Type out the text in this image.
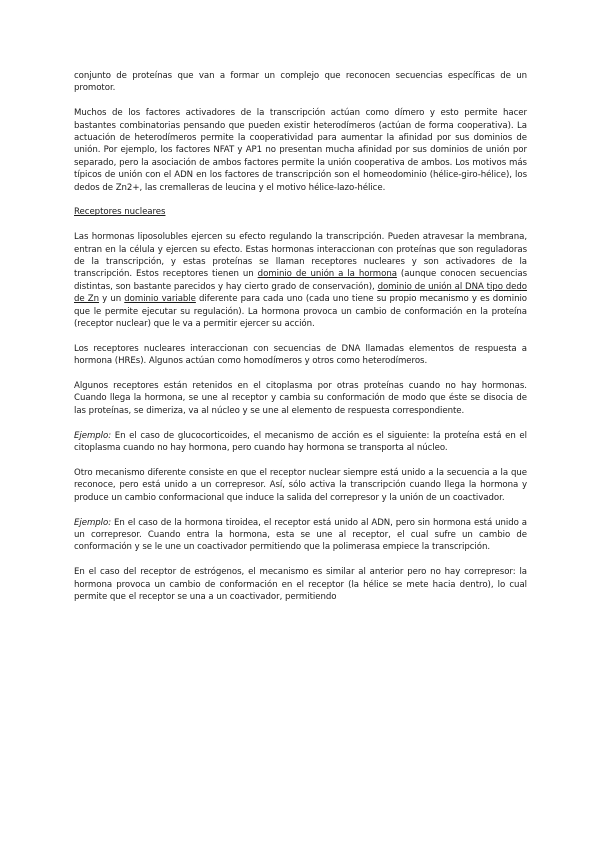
conjunto de proteínas que van a formar un complejo que reconocen secuencias específicas de un promotor.

Muchos de los factores activadores de la transcripción actúan como dímero y esto permite hacer bastantes combinatorias pensando que pueden existir heterodímeros (actúan de forma cooperativa). La actuación de heterodímeros permite la cooperatividad para aumentar la afinidad por sus dominios de unión. Por ejemplo, los factores NFAT y AP1 no presentan mucha afinidad por sus dominios de unión por separado, pero la asociación de ambos factores permite la unión cooperativa de ambos. Los motivos más típicos de unión con el ADN en los factores de transcripción son el homeodominio (hélice-giro-hélice), los dedos de Zn2+, las cremalleras de leucina y el motivo hélice-lazo-hélice.

Receptores nucleares

Las hormonas liposolubles ejercen su efecto regulando la transcripción. Pueden atravesar la membrana, entran en la célula y ejercen su efecto. Estas hormonas interaccionan con proteínas que son reguladoras de la transcripción, y estas proteínas se llaman receptores nucleares y son activadores de la transcripción. Estos receptores tienen un dominio de unión a la hormona (aunque conocen secuencias distintas, son bastante parecidos y hay cierto grado de conservación), dominio de unión al DNA tipo dedo de Zn y un dominio variable diferente para cada uno (cada uno tiene su propio mecanismo y es dominio que le permite ejecutar su regulación). La hormona provoca un cambio de conformación en la proteína (receptor nuclear) que le va a permitir ejercer su acción.

Los receptores nucleares interaccionan con secuencias de DNA llamadas elementos de respuesta a hormona (HREs). Algunos actúan como homodímeros y otros como heterodímeros.

Algunos receptores están retenidos en el citoplasma por otras proteínas cuando no hay hormonas. Cuando llega la hormona, se une al receptor y cambia su conformación de modo que éste se disocia de las proteínas, se dimeriza, va al núcleo y se une al elemento de respuesta correspondiente.

Ejemplo: En el caso de glucocorticoides, el mecanismo de acción es el siguiente: la proteína está en el citoplasma cuando no hay hormona, pero cuando hay hormona se transporta al núcleo.

Otro mecanismo diferente consiste en que el receptor nuclear siempre está unido a la secuencia a la que reconoce, pero está unido a un correpresor. Así, sólo activa la transcripción cuando llega la hormona y produce un cambio conformacional que induce la salida del correpresor y la unión de un coactivador.

Ejemplo: En el caso de la hormona tiroidea, el receptor está unido al ADN, pero sin hormona está unido a un correpresor. Cuando entra la hormona, esta se une al receptor, el cual sufre un cambio de conformación y se le une un coactivador permitiendo que la polimerasa empiece la transcripción.

En el caso del receptor de estrógenos, el mecanismo es similar al anterior pero no hay correpresor: la hormona provoca un cambio de conformación en el receptor (la hélice se mete hacia dentro), lo cual permite que el receptor se una a un coactivador, permitiendo
